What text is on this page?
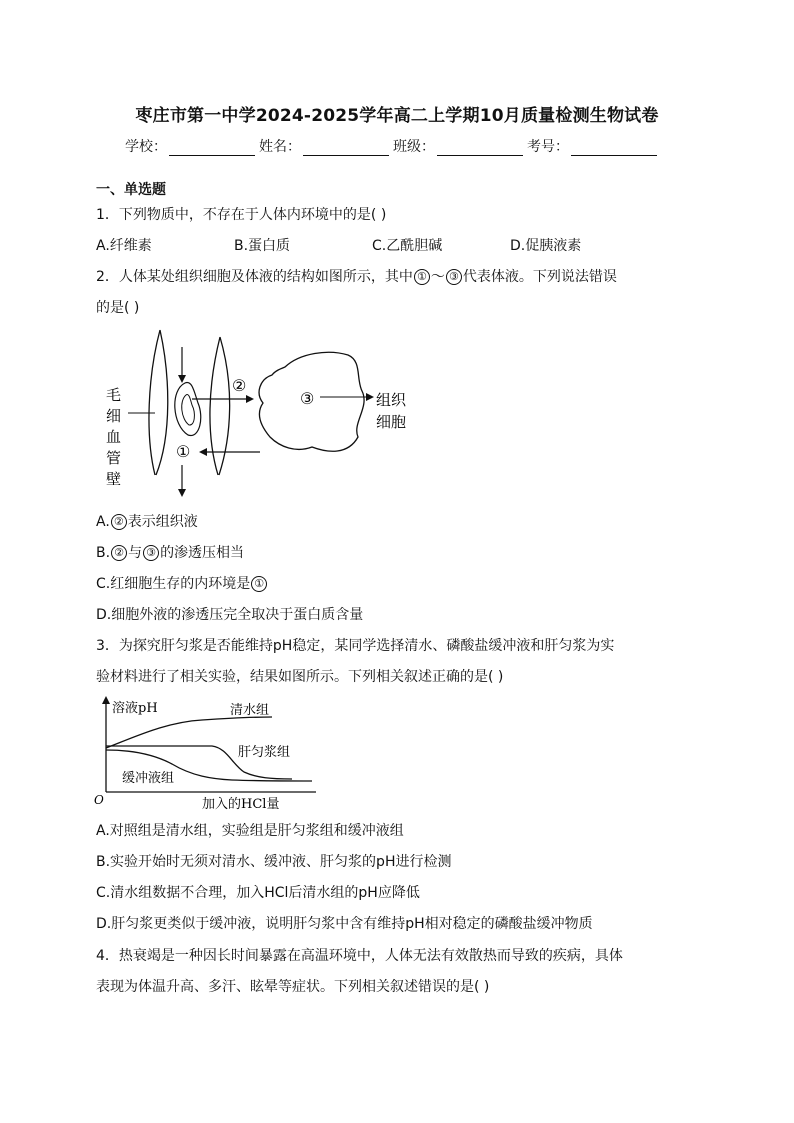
枣庄市第一中学2024-2025学年高二上学期10月质量检测生物试卷
学校：	姓名：	班级：	考号：
一、单选题
1．下列物质中，不存在于人体内环境中的是( )
A.纤维素	B.蛋白质	C.乙酰胆碱	D.促胰液素
2．人体某处组织细胞及体液的结构如图所示，其中 ① ～ ③ 代表体液。下列说法错误
的是( )
毛
细
血
管
壁
①
②
③	组织
细胞
A. ② 表示组织液
B. ② 与 ③ 的渗透压相当
C.红细胞生存的内环境是 ①
D.细胞外液的渗透压完全取决于蛋白质含量
3．为探究肝匀浆是否能维持pH稳定，某同学选择清水、磷酸盐缓冲液和肝匀浆为实
验材料进行了相关实验，结果如图所示。下列相关叙述正确的是( )
O
溶液pH
加入的HCl量
清水组
肝匀浆组
缓冲液组
A.对照组是清水组，实验组是肝匀浆组和缓冲液组
B.实验开始时无须对清水、缓冲液、肝匀浆的pH进行检测
C.清水组数据不合理，加入HCl后清水组的pH应降低
D.肝匀浆更类似于缓冲液，说明肝匀浆中含有维持pH相对稳定的磷酸盐缓冲物质
4．热衰竭是一种因长时间暴露在高温环境中，人体无法有效散热而导致的疾病，具体
表现为体温升高、多汗、眩晕等症状。下列相关叙述错误的是( )
